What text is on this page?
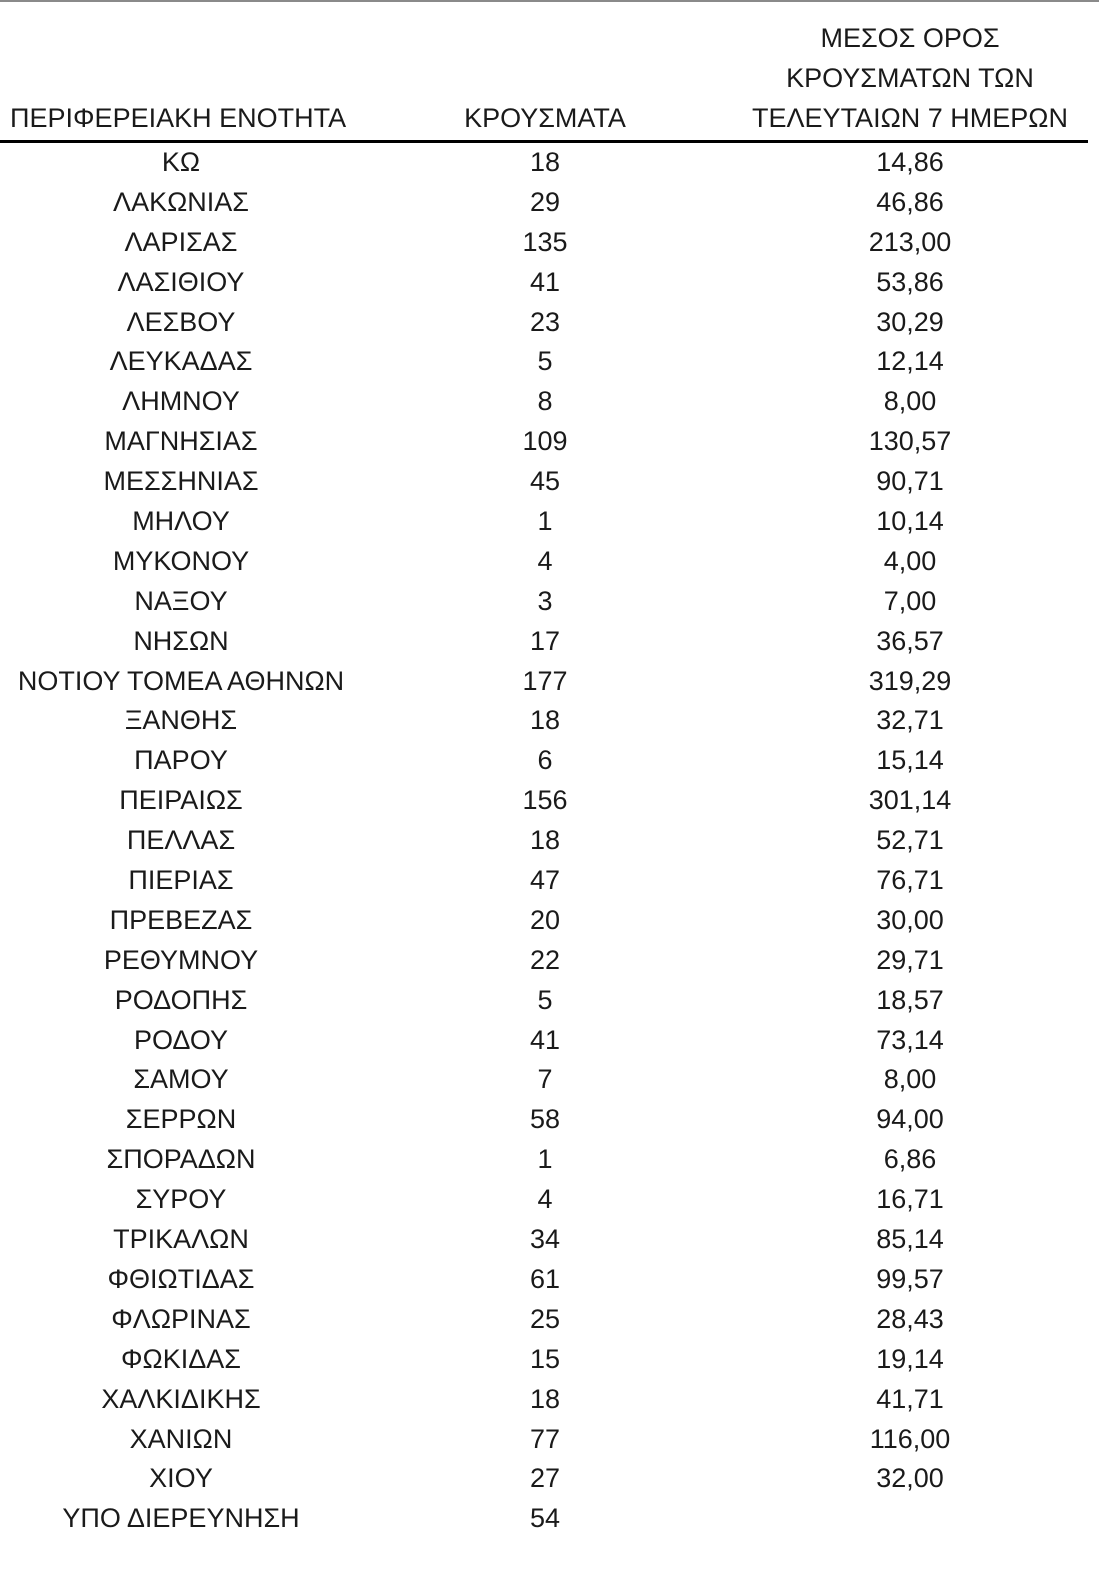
ΠΕΡΙΦΕΡΕΙΑΚΗ ΕΝΟΤΗΤΑ	ΚΡΟΥΣΜΑΤΑ
ΜΕΣΟΣ ΟΡΟΣ
ΚΡΟΥΣΜΑΤΩΝ ΤΩΝ
ΤΕΛΕΥΤΑΙΩΝ 7 ΗΜΕΡΩΝ
ΚΩ	18	14,86
ΛΑΚΩΝΙΑΣ	29	46,86
ΛΑΡΙΣΑΣ	135	213,00
ΛΑΣΙΘΙΟΥ	41	53,86
ΛΕΣΒΟΥ	23	30,29
ΛΕΥΚΑΔΑΣ	5	12,14
ΛΗΜΝΟΥ	8	8,00
ΜΑΓΝΗΣΙΑΣ	109	130,57
ΜΕΣΣΗΝΙΑΣ	45	90,71
ΜΗΛΟΥ	1	10,14
ΜΥΚΟΝΟΥ	4	4,00
ΝΑΞΟΥ	3	7,00
ΝΗΣΩΝ	17	36,57
ΝΟΤΙΟΥ ΤΟΜΕΑ ΑΘΗΝΩΝ	177	319,29
ΞΑΝΘΗΣ	18	32,71
ΠΑΡΟΥ	6	15,14
ΠΕΙΡΑΙΩΣ	156	301,14
ΠΕΛΛΑΣ	18	52,71
ΠΙΕΡΙΑΣ	47	76,71
ΠΡΕΒΕΖΑΣ	20	30,00
ΡΕΘΥΜΝΟΥ	22	29,71
ΡΟΔΟΠΗΣ	5	18,57
ΡΟΔΟΥ	41	73,14
ΣΑΜΟΥ	7	8,00
ΣΕΡΡΩΝ	58	94,00
ΣΠΟΡΑΔΩΝ	1	6,86
ΣΥΡΟΥ	4	16,71
ΤΡΙΚΑΛΩΝ	34	85,14
ΦΘΙΩΤΙΔΑΣ	61	99,57
ΦΛΩΡΙΝΑΣ	25	28,43
ΦΩΚΙΔΑΣ	15	19,14
ΧΑΛΚΙΔΙΚΗΣ	18	41,71
ΧΑΝΙΩΝ	77	116,00
ΧΙΟΥ	27	32,00
ΥΠΟ ΔΙΕΡΕΥΝΗΣΗ	54
